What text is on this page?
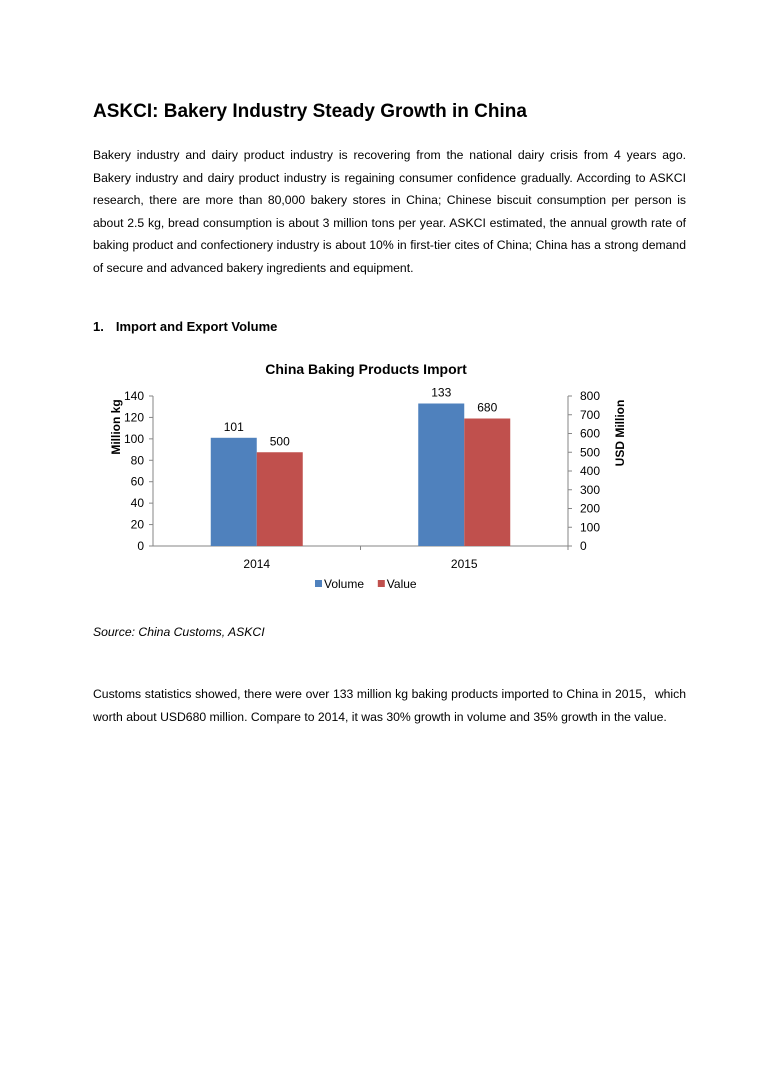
ASKCI: Bakery Industry Steady Growth in China

Bakery industry and dairy product industry is recovering from the national dairy crisis from 4 years ago. Bakery industry and dairy product industry is regaining consumer confidence gradually. According to ASKCI research, there are more than 80,000 bakery stores in China; Chinese biscuit consumption per person is about 2.5 kg, bread consumption is about 3 million tons per year. ASKCI estimated, the annual growth rate of baking product and confectionery industry is about 10% in first-tier cites of China; China has a strong demand of secure and advanced bakery ingredients and equipment.

1. Import and Export Volume
China Baking Products Import
0
20
40
60
80
100
120
140
0
100
200
300
400
500
600
700
800
Million kg	USD Million
101
500
2014
133
680
2015
Volume Value

Source: China Customs, ASKCI

Customs statistics showed, there were over 133 million kg baking products imported to China in 2015，which worth about USD680 million. Compare to 2014, it was 30% growth in volume and 35% growth in the value.
